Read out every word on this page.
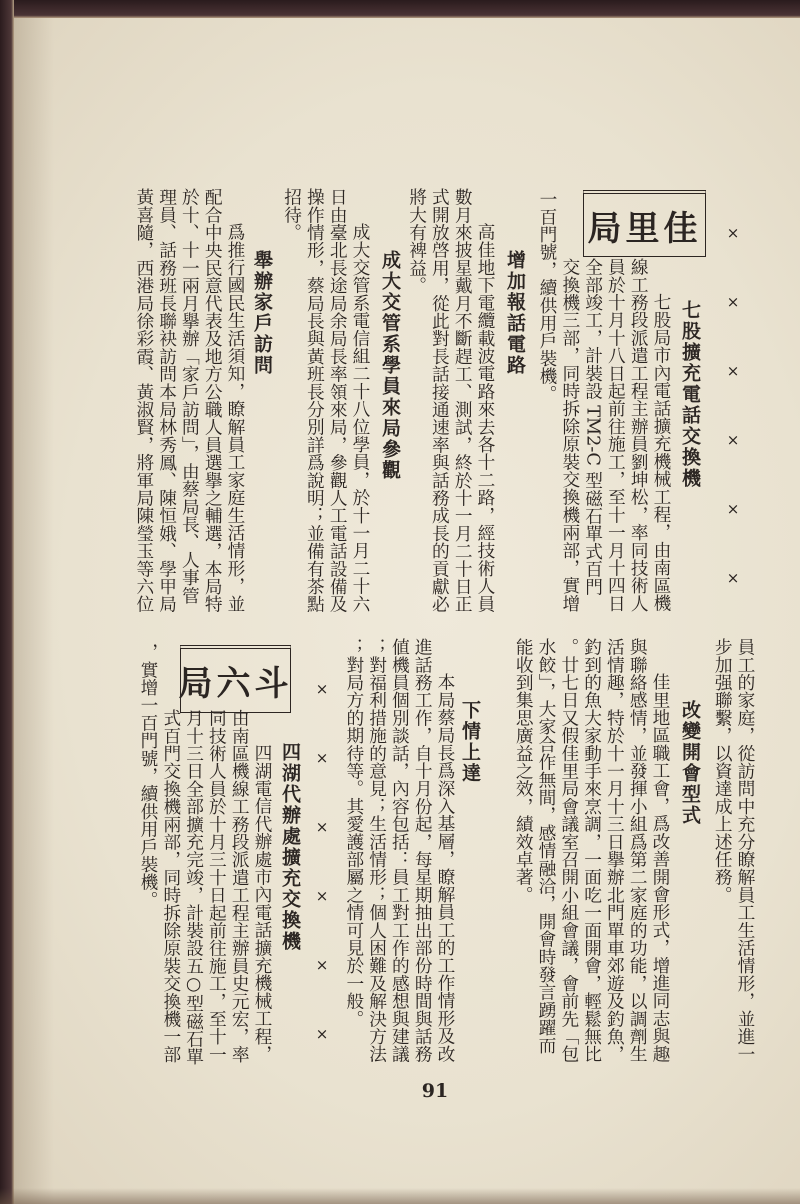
××××××
佳里局
七股擴充電話交換機
七股局市內電話擴充機械工程，由南區機
線工務段派遣工程主辦員劉坤松，率同技術人
員於十月十八日起前往施工，至十一月十四日
全部竣工，計裝設 TM2-C 型磁石單式百門
交換機三部，同時拆除原裝交換機兩部，實增
一百門號，續供用戶裝機。
增加報話電路
高佳地下電纜載波電路來去各十二路，經技術人員
數月來披星戴月不斷趕工、測試，終於十一月二十日正
式開放啓用，從此對長話接通速率與話務成長的貢獻必
將大有裨益。
成大交管系學員來局參觀
成大交管系電信組二十八位學員，於十一月二十六
日由臺北長途局余局長率領來局，參觀人工電話設備及
操作情形，蔡局長與黃班長分別詳爲說明；並備有茶點
招待。
舉辦家戶訪問
爲推行國民生活須知，瞭解員工家庭生活情形，並
配合中央民意代表及地方公職人員選擧之輔選，本局特
於十、十一兩月擧辦「家戶訪問」，由蔡局長、人事管
理員、話務班長聯袂訪問本局林秀鳳、陳恒娥、學甲局
黃喜隨，西港局徐彩霞、黃淑賢，將軍局陳瑩玉等六位
員工的家庭，從訪問中充分瞭解員工生活情形，並進一
步加强聯繫，以資達成上述任務。
改變開會型式
佳里地區職工會，爲改善開會形式，增進同志與趣
與聯絡感情，並發揮小組爲第二家庭的功能，以調劑生
活情趣，特於十一月十三日擧辦北門單車郊遊及釣魚，
釣到的魚大家動手來烹調，一面吃一面開會，輕鬆無比
。廿七日又假佳里局會議室召開小組會議，會前先「包
水餃」，大家合作無間，感情融洽，開會時發言踴躍而
能收到集思廣益之效，績效卓著。
下情上達
本局蔡局長爲深入基層，瞭解員工的工作情形及改
進話務工作，自十月份起，每星期抽出部份時間與話務
値機員個別談話，內容包括：員工對工作的感想與建議
；對福利措施的意見；生活情形；個人困難及解決方法
；對局方的期待等。其愛護部屬之情可見於一般。
××××××
斗六局
四湖代辦處擴充交換機
四湖電信代辦處市內電話擴充機械工程，
由南區機線工務段派遣工程主辦員史元宏，率
同技術人員於十月三十日起前往施工，至十一
月十三日全部擴充完竣，計裝設五○型磁石單
式百門交換機兩部，同時拆除原裝交換機一部
，實增一百門號，續供用戶裝機。
91
